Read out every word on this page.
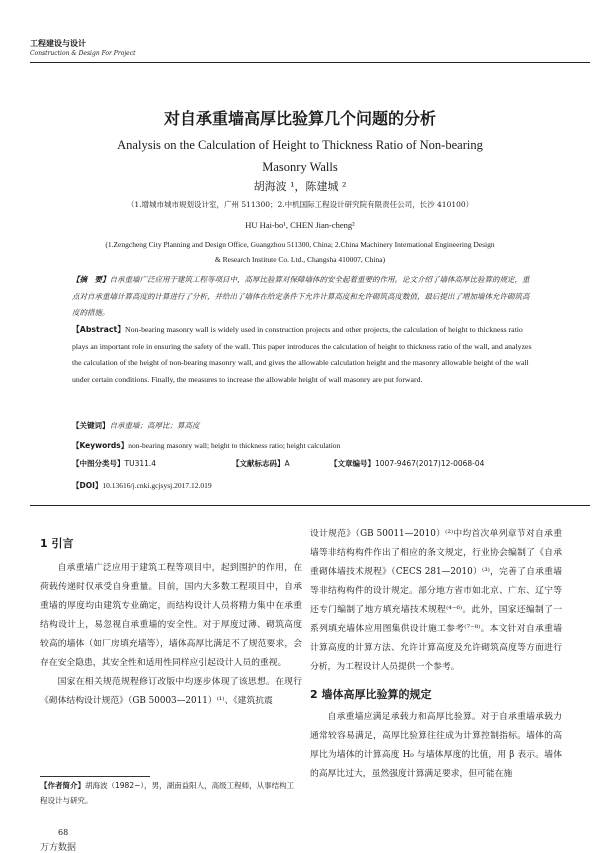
工程建设与设计
Construction & Design For Project
对自承重墙高厚比验算几个问题的分析
Analysis on the Calculation of Height to Thickness Ratio of Non-bearing
Masonry Walls
胡海波 ¹，陈建城 ²
（1.增城市城市规划设计室，广州 511300；2.中机国际工程设计研究院有限责任公司，长沙 410100）
HU Hai-bo¹, CHEN Jian-cheng²
(1.Zengcheng City Planning and Design Office, Guangzhou 511300, China; 2.China Machinery International Engineering Design
& Research Institute Co. Ltd., Changsha 410007, China)
【摘　要】自承重墙广泛应用于建筑工程等项目中，高厚比验算对保障墙体的安全起着重要的作用。论文介绍了墙体高厚比验算的规定，重点对自承重墙计算高度的计算进行了分析，并给出了墙体在给定条件下允许计算高度和允许砌筑高度数值，最后提出了增加墙体允许砌筑高度的措施。
【Abstract】Non-bearing masonry wall is widely used in construction projects and other projects, the calculation of height to thickness ratio plays an important role in ensuring the safety of the wall. This paper introduces the calculation of height to thickness ratio of the wall, and analyzes the calculation of the height of non-bearing masonry wall, and gives the allowable calculation height and the masonry allowable height of the wall under certain conditions. Finally, the measures to increase the allowable height of wall masonry are put forward.
【关键词】自承重墙；高厚比；算高度
【Keywords】non-bearing masonry wall; height to thickness ratio; height calculation
【中图分类号】TU311.4	【文献标志码】A	【文章编号】1007-9467(2017)12-0068-04
【DOI】10.13616/j.cnki.gcjsysj.2017.12.019
1 引言

自承重墙广泛应用于建筑工程等项目中，起到围护的作用，在荷载传递时仅承受自身重量。目前，国内大多数工程项目中，自承重墙的厚度均由建筑专业确定，而结构设计人员将精力集中在承重结构设计上，易忽视自承重墙的安全性。对于厚度过薄、砌筑高度较高的墙体（如厂房填充墙等），墙体高厚比满足不了规范要求，会存在安全隐患，其安全性和适用性同样应引起设计人员的重视。

国家在相关规范规程修订改版中均逐步体现了该思想。在现行《砌体结构设计规范》（GB 50003—2011）⁽¹⁾、《建筑抗震

设计规范》（GB 50011—2010）⁽²⁾中均首次单列章节对自承重墙等非结构构件作出了相应的条文规定，行业协会编制了《自承重砌体墙技术规程》（CECS 281—2010）⁽³⁾，完善了自承重墙等非结构构件的设计规定。部分地方省市如北京、广东、辽宁等还专门编制了地方填充墙技术规程⁽⁴⁻⁶⁾。此外，国家还编制了一系列填充墙体应用图集供设计施工参考⁽⁷⁻⁸⁾。本文针对自承重墙计算高度的计算方法、允许计算高度及允许砌筑高度等方面进行分析，为工程设计人员提供一个参考。

2 墙体高厚比验算的规定

自承重墙应满足承载力和高厚比验算。对于自承重墙承载力通常较容易满足，高厚比验算往往成为计算控制指标。墙体的高厚比为墙体的计算高度 H₀ 与墙体厚度的比值，用 β 表示。墙体的高厚比过大，虽然强度计算满足要求，但可能在施

【作者简介】胡海波（1982~），男，湖南益阳人，高级工程师，从事结构工程设计与研究。
68
万方数据
